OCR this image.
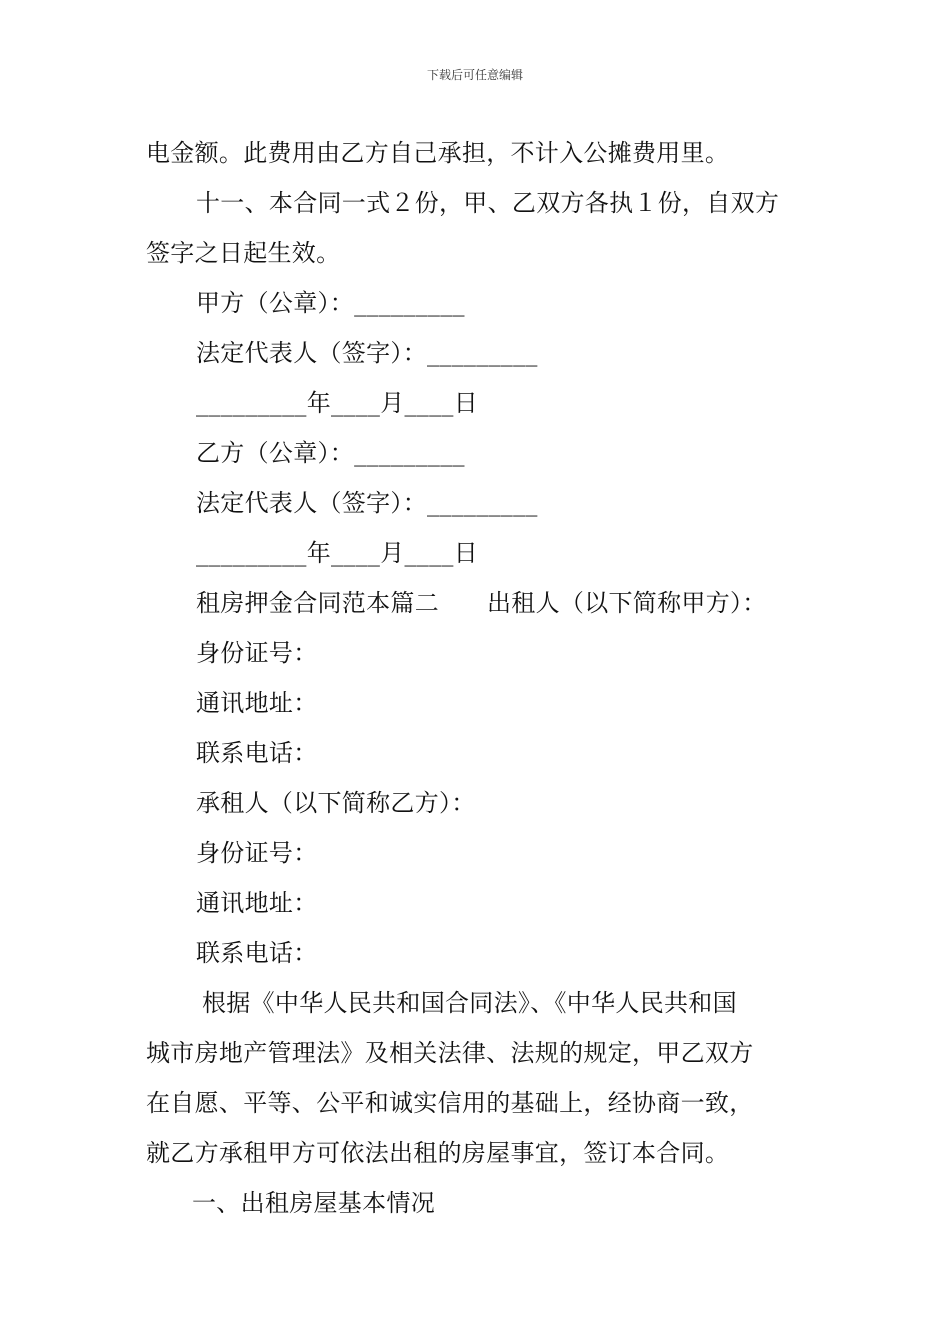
下载后可任意编辑
电金额。此费用由乙方自己承担，不计入公摊费用里。
十一、本合同一式２份，甲、乙双方各执１份，自双方
签字之日起生效。
甲方（公章）：_________
法定代表人（签字）：_________
_________年____月____日
乙方（公章）：_________
法定代表人（签字）：_________
_________年____月____日
租房押金合同范本篇二 出租人（以下简称甲方）：
身份证号：
通讯地址：
联系电话：
承租人（以下简称乙方）：
身份证号：
通讯地址：
联系电话：
根据《中华人民共和国合同法》、《中华人民共和国
城市房地产管理法》及相关法律、法规的规定，甲乙双方
在自愿、平等、公平和诚实信用的基础上，经协商一致，
就乙方承租甲方可依法出租的房屋事宜，签订本合同。
一、出租房屋基本情况
